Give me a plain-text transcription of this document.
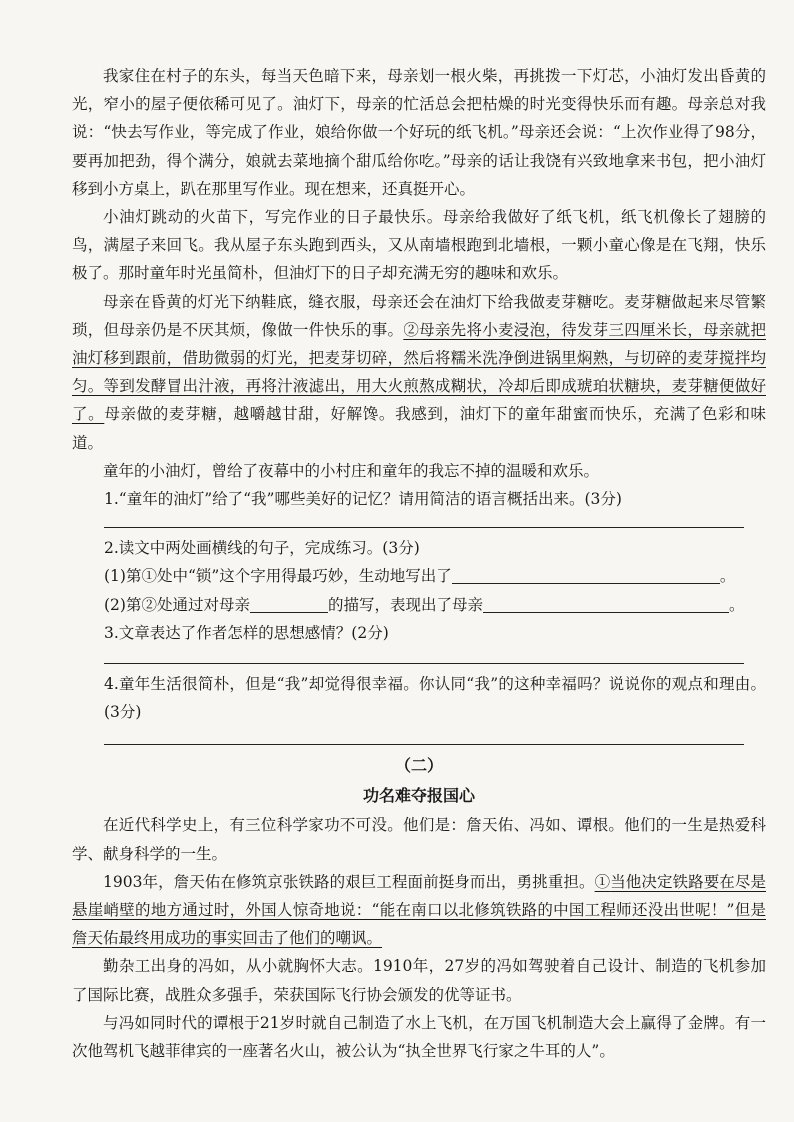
我家住在村子的东头，每当天色暗下来，母亲划一根火柴，再挑拨一下灯芯，小油灯发出昏黄的光，窄小的屋子便依稀可见了。油灯下，母亲的忙活总会把枯燥的时光变得快乐而有趣。母亲总对我说：“快去写作业，等完成了作业，娘给你做一个好玩的纸飞机。”母亲还会说：“上次作业得了98分，要再加把劲，得个满分，娘就去菜地摘个甜瓜给你吃。”母亲的话让我饶有兴致地拿来书包，把小油灯移到小方桌上，趴在那里写作业。现在想来，还真挺开心。

小油灯跳动的火苗下，写完作业的日子最快乐。母亲给我做好了纸飞机，纸飞机像长了翅膀的鸟，满屋子来回飞。我从屋子东头跑到西头，又从南墙根跑到北墙根，一颗小童心像是在飞翔，快乐极了。那时童年时光虽简朴，但油灯下的日子却充满无穷的趣味和欢乐。

母亲在昏黄的灯光下纳鞋底，缝衣服，母亲还会在油灯下给我做麦芽糖吃。麦芽糖做起来尽管繁琐，但母亲仍是不厌其烦，像做一件快乐的事。②母亲先将小麦浸泡，待发芽三四厘米长，母亲就把油灯移到跟前，借助微弱的灯光，把麦芽切碎，然后将糯米洗净倒进锅里焖熟，与切碎的麦芽搅拌均匀。等到发酵冒出汁液，再将汁液滤出，用大火煎熬成糊状，冷却后即成琥珀状糖块，麦芽糖便做好了。母亲做的麦芽糖，越嚼越甘甜，好解馋。我感到，油灯下的童年甜蜜而快乐，充满了色彩和味道。

童年的小油灯，曾给了夜幕中的小村庄和童年的我忘不掉的温暖和欢乐。

1.“童年的油灯”给了“我”哪些美好的记忆？请用简洁的语言概括出来。(3分)

2.读文中两处画横线的句子，完成练习。(3分)

(1)第①处中“锁”这个字用得最巧妙，生动地写出了	。

(2)第②处通过对母亲	的描写，表现出了母亲	。

3.文章表达了作者怎样的思想感情？(2分)

4.童年生活很简朴，但是“我”却觉得很幸福。你认同“我”的这种幸福吗？说说你的观点和理由。(3分)

（二）
功名难夺报国心

在近代科学史上，有三位科学家功不可没。他们是：詹天佑、冯如、谭根。他们的一生是热爱科学、献身科学的一生。

1903年，詹天佑在修筑京张铁路的艰巨工程面前挺身而出，勇挑重担。①当他决定铁路要在尽是悬崖峭壁的地方通过时，外国人惊奇地说：“能在南口以北修筑铁路的中国工程师还没出世呢！”但是詹天佑最终用成功的事实回击了他们的嘲讽。

勤杂工出身的冯如，从小就胸怀大志。1910年，27岁的冯如驾驶着自己设计、制造的飞机参加了国际比赛，战胜众多强手，荣获国际飞行协会颁发的优等证书。

与冯如同时代的谭根于21岁时就自己制造了水上飞机，在万国飞机制造大会上赢得了金牌。有一次他驾机飞越菲律宾的一座著名火山，被公认为“执全世界飞行家之牛耳的人”。
